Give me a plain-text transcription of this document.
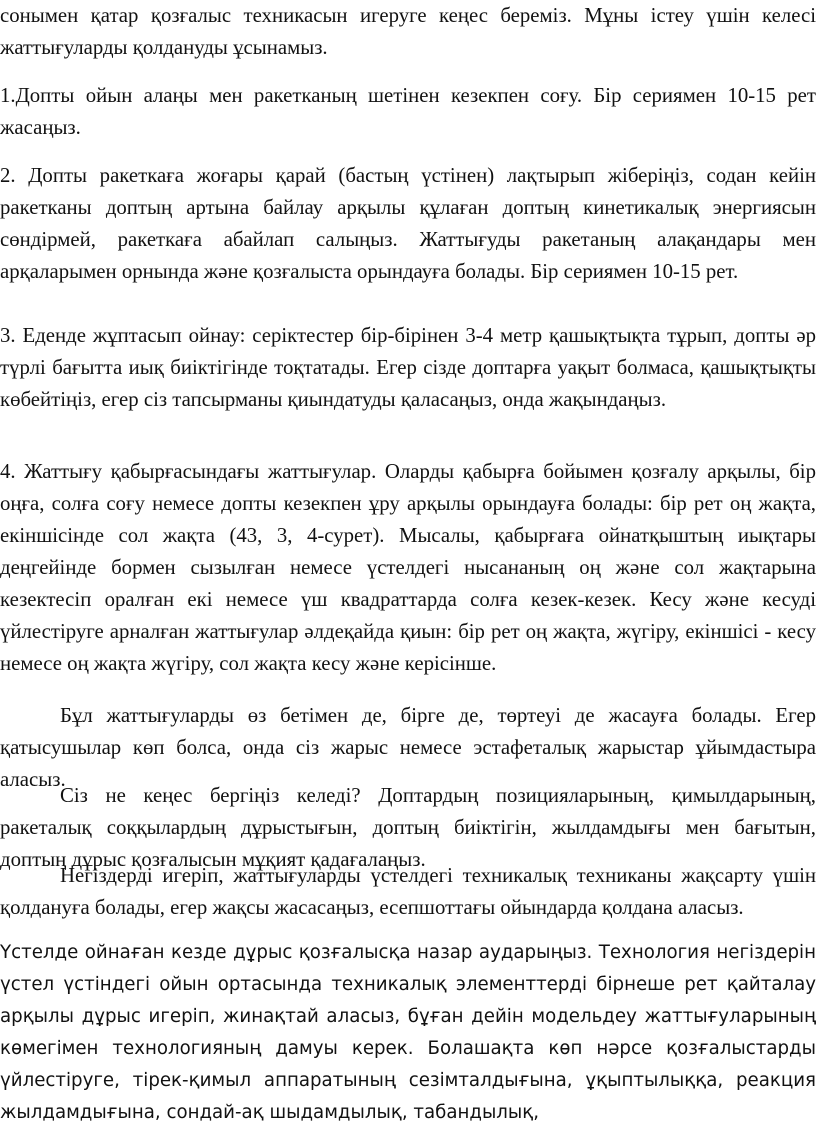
сонымен қатар қозғалыс техникасын игеруге кеңес береміз. Мұны істеу үшін келесі жаттығуларды қолдануды ұсынамыз.

1.Допты ойын алаңы мен ракетканың шетінен кезекпен соғу. Бір сериямен 10-15 рет жасаңыз.

2. Допты ракеткаға жоғары қарай (бастың үстінен) лақтырып жіберіңіз, содан кейін ракетканы доптың артына байлау арқылы құлаған доптың кинетикалық энергиясын сөндірмей, ракеткаға абайлап салыңыз. Жаттығуды ракетаның алақандары мен арқаларымен орнында және қозғалыста орындауға болады. Бір сериямен 10-15 рет.

3. Еденде жұптасып ойнау: серіктестер бір-бірінен 3-4 метр қашықтықта тұрып, допты әр түрлі бағытта иық биіктігінде тоқтатады. Егер сізде доптарға уақыт болмаса, қашықтықты көбейтіңіз, егер сіз тапсырманы қиындатуды қаласаңыз, онда жақындаңыз.

4. Жаттығу қабырғасындағы жаттығулар. Оларды қабырға бойымен қозғалу арқылы, бір оңға, солға соғу немесе допты кезекпен ұру арқылы орындауға болады: бір рет оң жақта, екіншісінде сол жақта (43, 3, 4-сурет). Мысалы, қабырғаға ойнатқыштың иықтары деңгейінде бормен сызылған немесе үстелдегі нысананың оң және сол жақтарына кезектесіп оралған екі немесе үш квадраттарда солға кезек-кезек. Кесу және кесуді үйлестіруге арналған жаттығулар әлдеқайда қиын: бір рет оң жақта, жүгіру, екіншісі - кесу немесе оң жақта жүгіру, сол жақта кесу және керісінше.

Бұл жаттығуларды өз бетімен де, бірге де, төртеуі де жасауға болады. Егер қатысушылар көп болса, онда сіз жарыс немесе эстафеталық жарыстар ұйымдастыра аласыз.

Сіз не кеңес бергіңіз келеді? Доптардың позицияларының, қимылдарының, ракеталық соққылардың дұрыстығын, доптың биіктігін, жылдамдығы мен бағытын, доптың дұрыс қозғалысын мұқият қадағалаңыз.

Негіздерді игеріп, жаттығуларды үстелдегі техникалық техниканы жақсарту үшін қолдануға болады, егер жақсы жасасаңыз, есепшоттағы ойындарда қолдана аласыз.

Үстелде ойнаған кезде дұрыс қозғалысқа назар аударыңыз. Технология негіздерін үстел үстіндегі ойын ортасында техникалық элементтерді бірнеше рет қайталау арқылы дұрыс игеріп, жинақтай аласыз, бұған дейін модельдеу жаттығуларының көмегімен технологияның дамуы керек. Болашақта көп нәрсе қозғалыстарды үйлестіруге, тірек-қимыл аппаратының сезімталдығына, ұқыптылыққа, реакция жылдамдығына, сондай-ақ шыдамдылық, табандылық,
